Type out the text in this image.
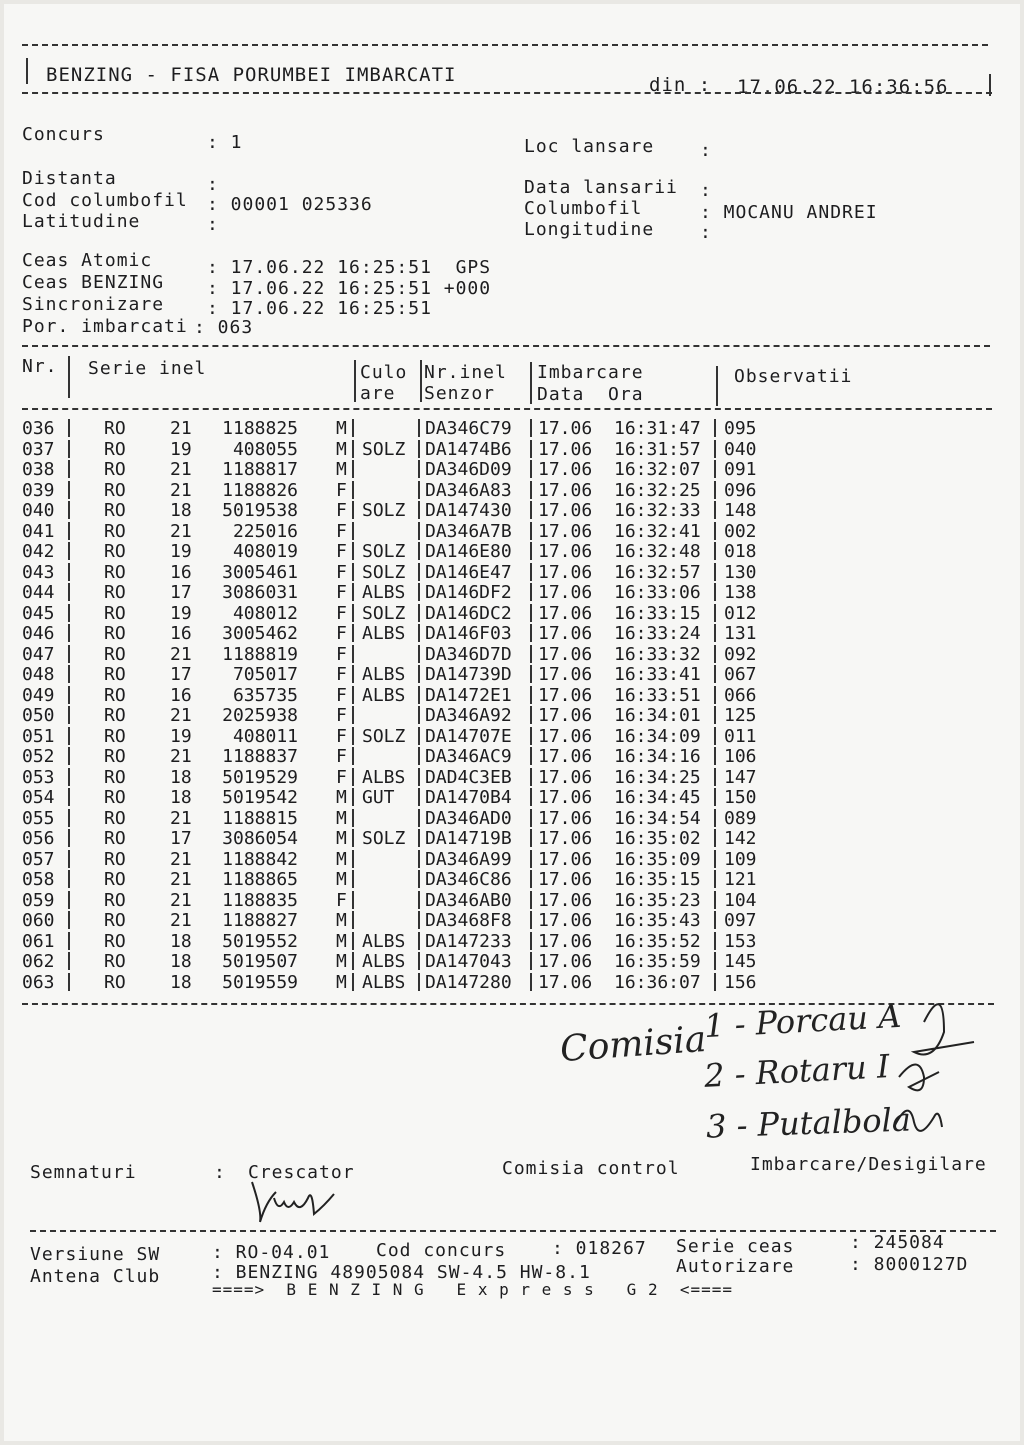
BENZING - FISA PORUMBEI IMBARCATI	din : 17.06.22 16:36:56
Concurs	: 1	Loc lansare	:
Distanta	:
Cod columbofil : 00001 025336
Latitudine	:
Data lansarii :
Columbofil	: MOCANU ANDREI
Longitudine	:
Ceas Atomic	: 17.06.22 16:25:51  GPS
Ceas BENZING : 17.06.22 16:25:51 +000
Sincronizare : 17.06.22 16:25:51
Por. imbarcati : 063
Nr. Serie inel	Culo
are
Nr.inel
Senzor
Imbarcare
Data  Ora
Observatii
036	RO 21	1188825 M	DA346C79 17.06 16:31:47 095
037	RO 19	408055 M SOLZ DA1474B6 17.06 16:31:57 040
038	RO 21	1188817 M	DA346D09 17.06 16:32:07 091
039	RO 21	1188826 F	DA346A83 17.06 16:32:25 096
040	RO 18	5019538 F SOLZ DA147430 17.06 16:32:33 148
041	RO 21	225016 F	DA346A7B 17.06 16:32:41 002
042	RO 19	408019 F SOLZ DA146E80 17.06 16:32:48 018
043	RO 16	3005461 F SOLZ DA146E47 17.06 16:32:57 130
044	RO 17	3086031 F ALBS DA146DF2 17.06 16:33:06 138
045	RO 19	408012 F SOLZ DA146DC2 17.06 16:33:15 012
046	RO 16	3005462 F ALBS DA146F03 17.06 16:33:24 131
047	RO 21	1188819 F	DA346D7D 17.06 16:33:32 092
048	RO 17	705017 F ALBS DA14739D 17.06 16:33:41 067
049	RO 16	635735 F ALBS DA1472E1 17.06 16:33:51 066
050	RO 21	2025938 F	DA346A92 17.06 16:34:01 125
051	RO 19	408011 F SOLZ DA14707E 17.06 16:34:09 011
052	RO 21	1188837 F	DA346AC9 17.06 16:34:16 106
053	RO 18	5019529 F ALBS DAD4C3EB 17.06 16:34:25 147
054	RO 18	5019542 M GUT DA1470B4 17.06 16:34:45 150
055	RO 21	1188815 M	DA346AD0 17.06 16:34:54 089
056	RO 17	3086054 M SOLZ DA14719B 17.06 16:35:02 142
057	RO 21	1188842 M	DA346A99 17.06 16:35:09 109
058	RO 21	1188865 M	DA346C86 17.06 16:35:15 121
059	RO 21	1188835 F	DA346AB0 17.06 16:35:23 104
060	RO 21	1188827 M	DA3468F8 17.06 16:35:43 097
061	RO 18	5019552 M ALBS DA147233 17.06 16:35:52 153
062	RO 18	5019507 M ALBS DA147043 17.06 16:35:59 145
063	RO 18	5019559 M ALBS DA147280 17.06 16:36:07 156
Comisia
1 - Porcau A
2 - Rotaru I
3 - Putalbola
Semnaturi	: Crescator	Comisia control	Imbarcare/Desigilare
Versiune SW	: RO-04.01	Cod concurs	: 018267 Serie ceas	: 245084
Antena Club	: BENZING 48905084 SW-4.5 HW-8.1	Autorizare	: 8000127D
====>  B E N Z I N G   E x p r e s s   G 2  <====
